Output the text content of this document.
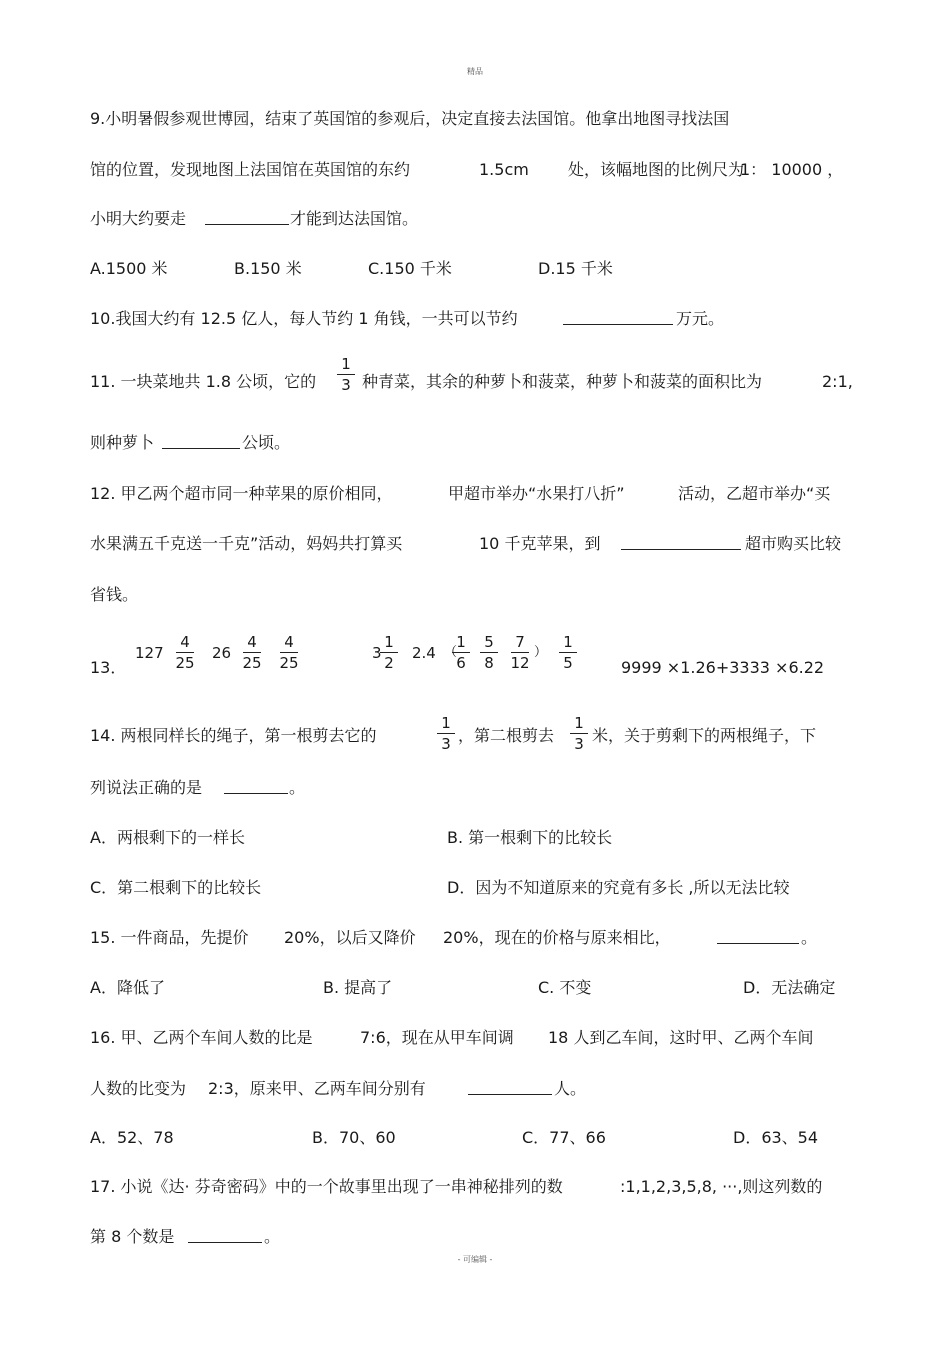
精品
9.小明暑假参观世博园，结束了英国馆的参观后，决定直接去法国馆。他拿出地图寻找法国
馆的位置，发现地图上法国馆在英国馆的东约	1.5cm 处，该幅地图的比例尺为
1： 10000 ，
小明大约要走	才能到达法国馆。
A.1500 米	B.150 米	C.150 千米	D.15 千米
10.我国大约有 12.5 亿人，每人节约 1 角钱，一共可以节约	万元。
11. 一块菜地共 1.8 公顷，它的
1
3 种青菜，其余的种萝卜和菠菜，种萝卜和菠菜的面积比为	2:1,
则种萝卜	公顷。
12. 甲乙两个超市同一种苹果的原价相同，	甲超市举办“水果打八折”	活动，乙超市举办“买
水果满五千克送一千克”活动，妈妈共打算买	10 千克苹果，到	超市购买比较
省钱。
13．
127
4
25
26
4
25
4
25
3
1
2
2.4 （
1
6
5
8
7
12
）
1
5	9999 ×1.26+3333 ×6.22
14. 两根同样长的绳子，第一根剪去它的
1
3 ，第二根剪去
1
3 米，关于剪剩下的两根绳子，下
列说法正确的是	。
A．两根剩下的一样长	B. 第一根剩下的比较长
C．第二根剩下的比较长	D．因为不知道原来的究竟有多长 ,所以无法比较
15. 一件商品，先提价 20%，以后又降价 20%，现在的价格与原来相比，	。
A．降低了	B. 提高了	C. 不变	D．无法确定
16. 甲、乙两个车间人数的比是	7:6，现在从甲车间调 18 人到乙车间，这时甲、乙两个车间
人数的比变为 2:3，原来甲、乙两车间分别有	人。
A．52、78	B．70、60	C．77、66	D．63、54
17. 小说《达· 芬奇密码》中的一个故事里出现了一串神秘排列的数	:1,1,2,3,5,8, ···,则这列数的
第 8 个数是	。
- 可编辑 -
